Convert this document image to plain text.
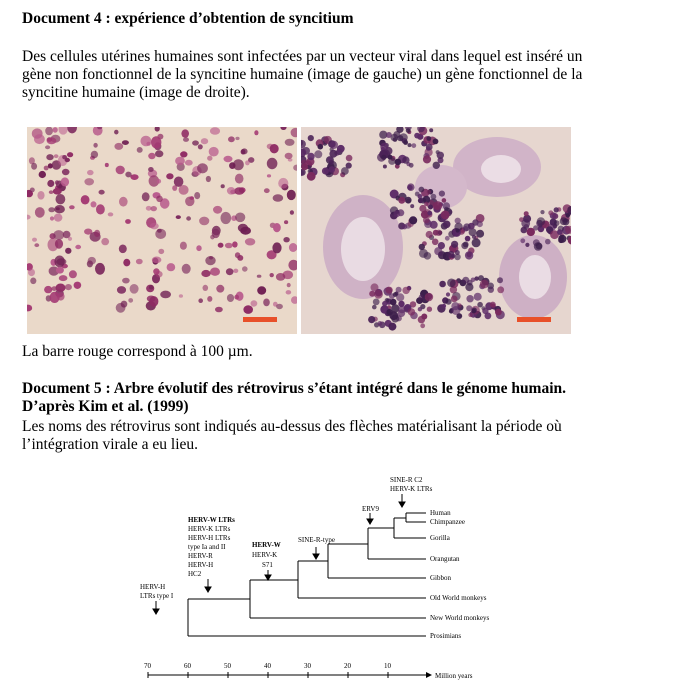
Document 4 : expérience d’obtention de syncitium
Des cellules utérines humaines sont infectées par un vecteur viral dans lequel est inséré un
gène non fonctionnel de la syncitine humaine (image de gauche) un gène fonctionnel de la
syncitine humaine (image de droite).
La barre rouge correspond à 100 µm.
Document 5 : Arbre évolutif des rétrovirus s’étant intégré dans le génome humain.
D’après Kim et al. (1999)
Les noms des rétrovirus sont indiqués au-dessus des flèches matérialisant la période où
l’intégration virale a eu lieu.
Human
Chimpanzee
Gorilla
Orangutan
Gibbon
Old World monkeys
New World monkeys
Prosimians
HERV-H
LTRs type I
HERV-W LTRs
HERV-K LTRs
HERV-H LTRs
type Ia and II
HERV-R
HERV-H
HC2
HERV-W
HERV-K
S71
SINE-R-type
ERV9
SINE-R C2
HERV-K LTRs
70	60	50	40	30	20	10
Million years
